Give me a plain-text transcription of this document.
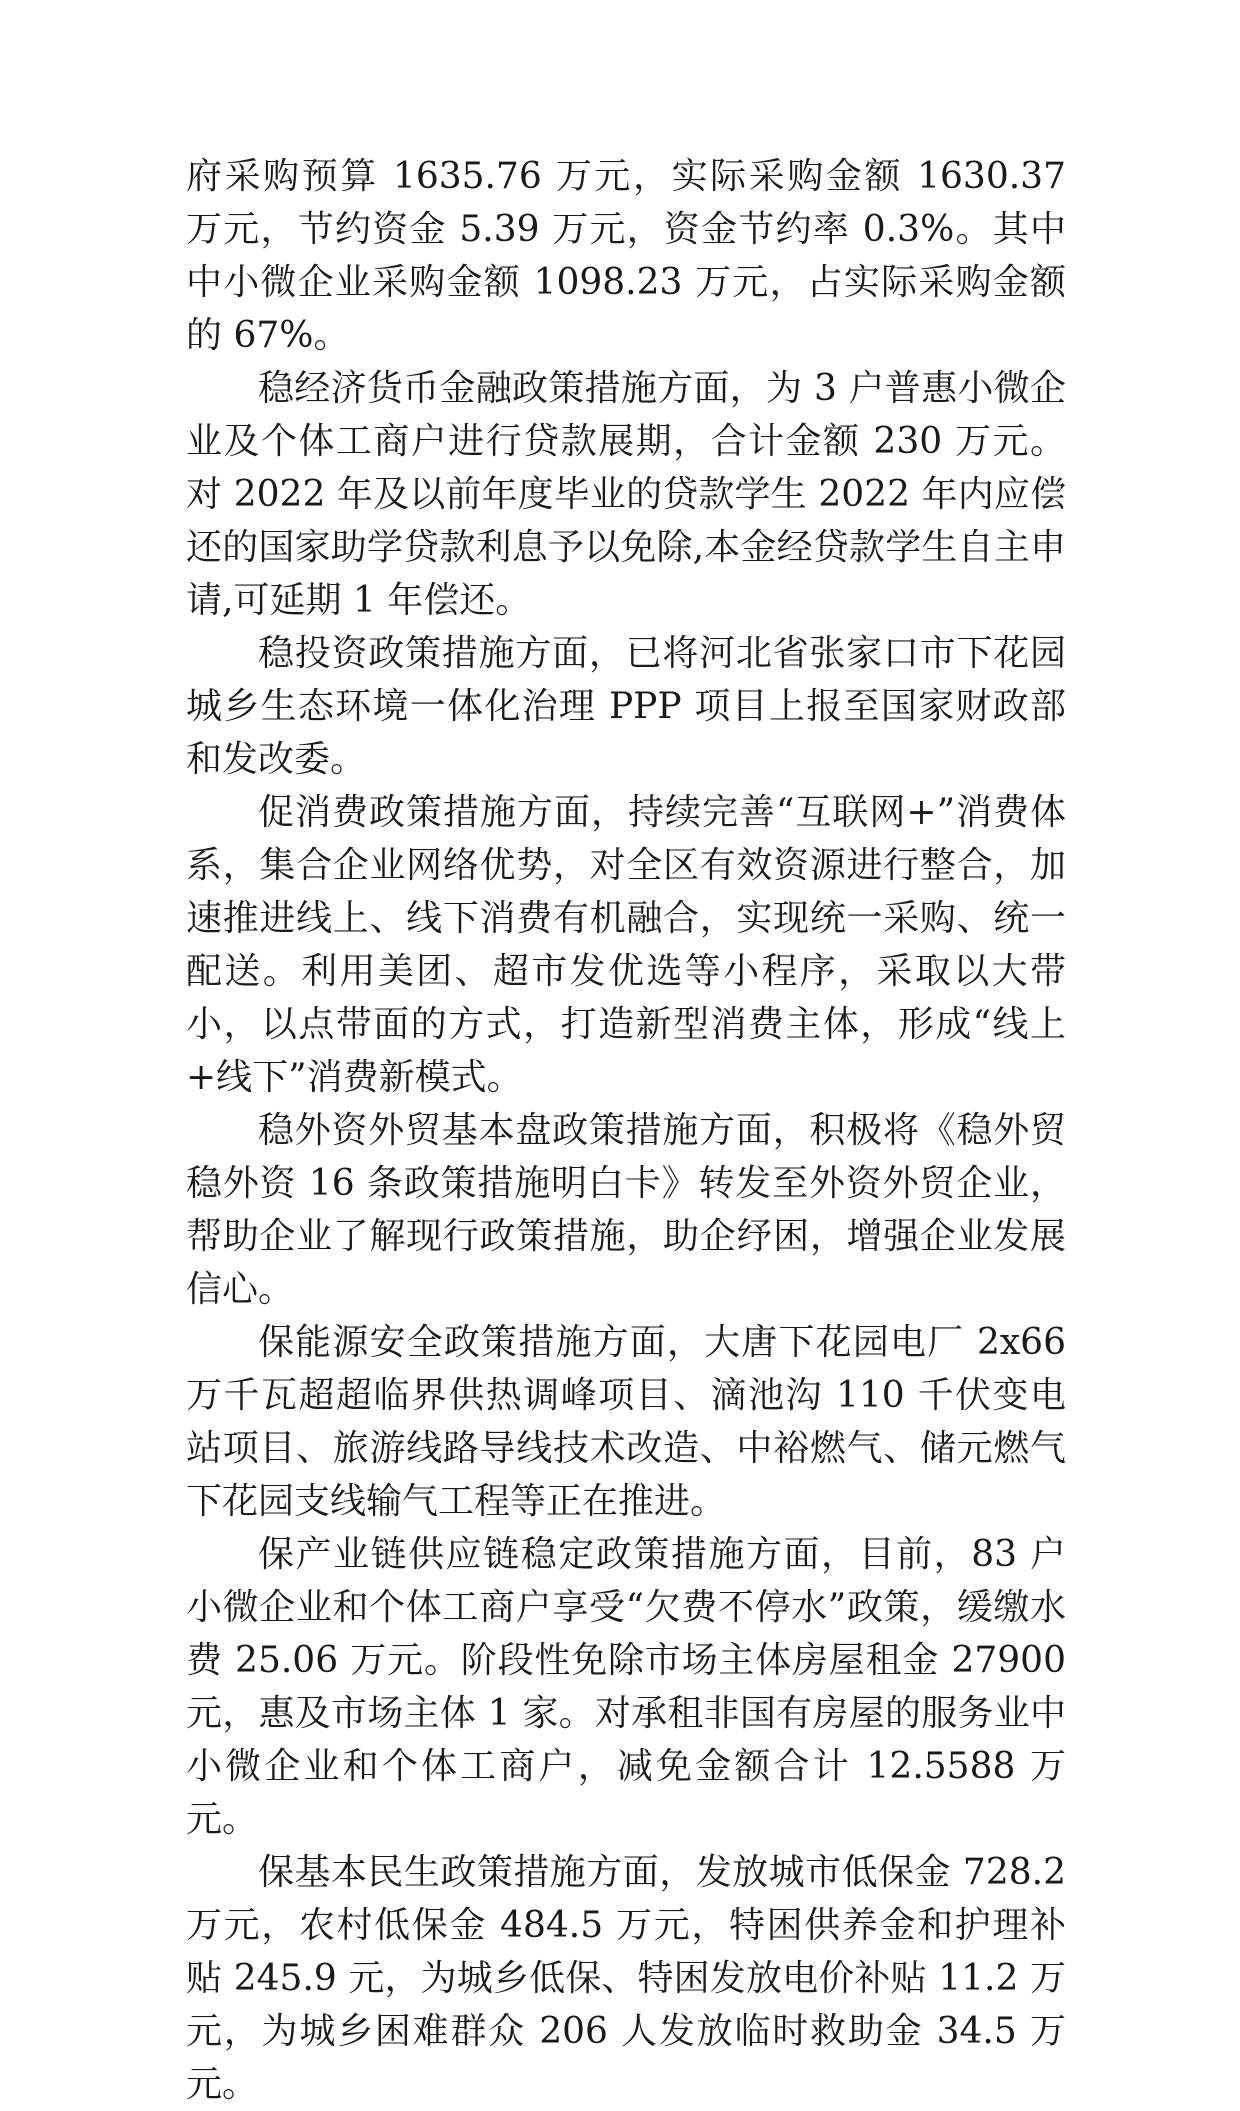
府采购预算 1635.76 万元，实际采购金额 1630.37 万元，节约资金 5.39 万元，资金节约率 0.3%。其中中小微企业采购金额 1098.23 万元，占实际采购金额的 67%。

稳经济货币金融政策措施方面，为 3 户普惠小微企业及个体工商户进行贷款展期，合计金额 230 万元。对 2022 年及以前年度毕业的贷款学生 2022 年内应偿还的国家助学贷款利息予以免除,本金经贷款学生自主申请,可延期 1 年偿还。

稳投资政策措施方面，已将河北省张家口市下花园城乡生态环境一体化治理 PPP 项目上报至国家财政部和发改委。

促消费政策措施方面，持续完善“互联网+”消费体系，集合企业网络优势，对全区有效资源进行整合，加速推进线上、线下消费有机融合，实现统一采购、统一配送。利用美团、超市发优选等小程序，采取以大带小，以点带面的方式，打造新型消费主体，形成“线上+线下”消费新模式。

稳外资外贸基本盘政策措施方面，积极将《稳外贸稳外资 16 条政策措施明白卡》转发至外资外贸企业，帮助企业了解现行政策措施，助企纾困，增强企业发展信心。

保能源安全政策措施方面，大唐下花园电厂 2x66 万千瓦超超临界供热调峰项目、滴池沟 110 千伏变电站项目、旅游线路导线技术改造、中裕燃气、储元燃气下花园支线输气工程等正在推进。

保产业链供应链稳定政策措施方面，目前，83 户小微企业和个体工商户享受“欠费不停水”政策，缓缴水费 25.06 万元。阶段性免除市场主体房屋租金 27900 元，惠及市场主体 1 家。对承租非国有房屋的服务业中小微企业和个体工商户，减免金额合计 12.5588 万元。

保基本民生政策措施方面，发放城市低保金 728.2 万元，农村低保金 484.5 万元，特困供养金和护理补贴 245.9 元，为城乡低保、特困发放电价补贴 11.2 万元，为城乡困难群众 206 人发放临时救助金 34.5 万元。
